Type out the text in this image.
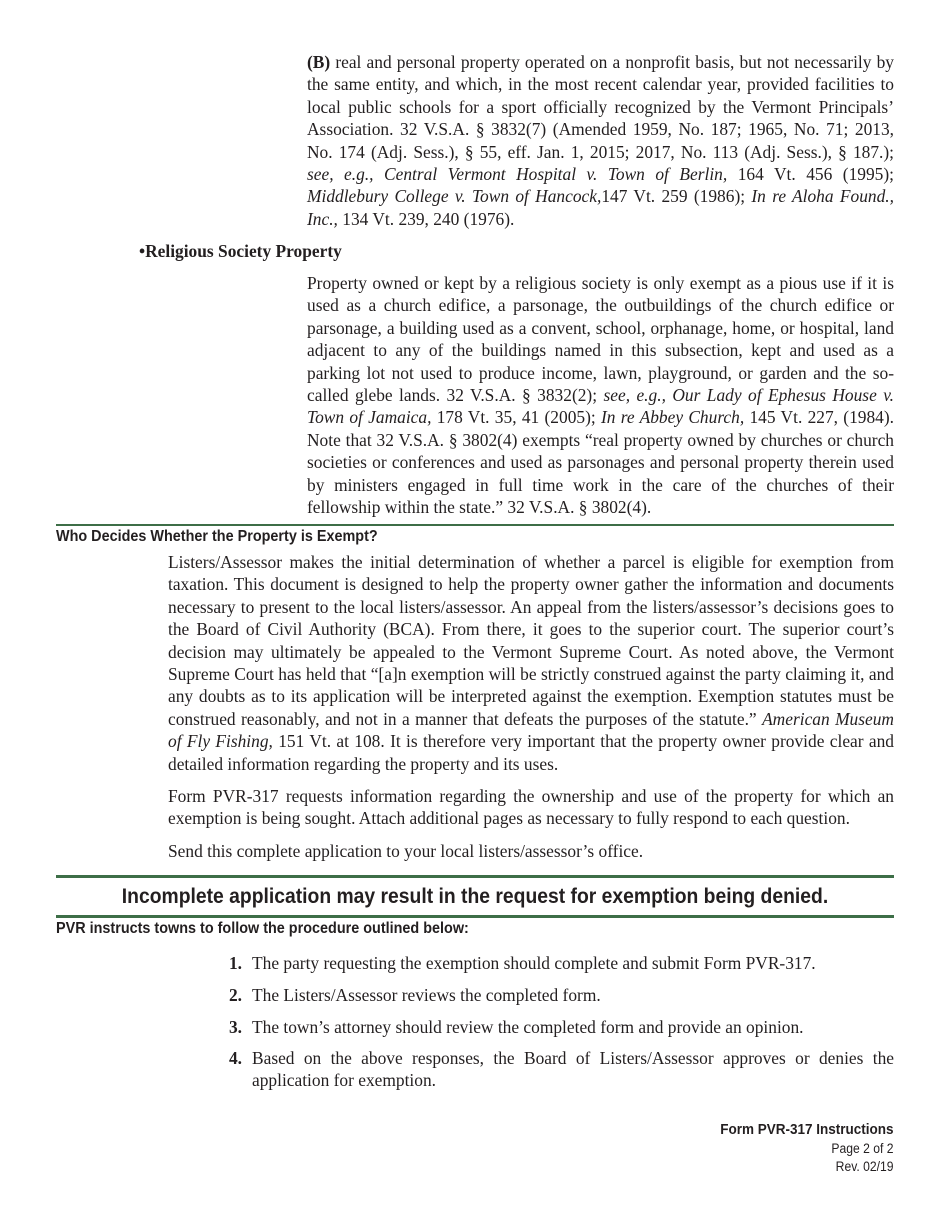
(B) real and personal property operated on a nonprofit basis, but not necessarily by the same entity, and which, in the most recent calendar year, provided facilities to local public schools for a sport officially recognized by the Vermont Principals’ Association. 32 V.S.A. § 3832(7) (Amended 1959, No. 187; 1965, No. 71; 2013, No. 174 (Adj. Sess.), § 55, eff. Jan. 1, 2015; 2017, No. 113 (Adj. Sess.), § 187.); see, e.g., Central Vermont Hospital v. Town of Berlin, 164 Vt. 456 (1995); Middlebury College v. Town of Hancock,147 Vt. 259 (1986); In re Aloha Found., Inc., 134 Vt. 239, 240 (1976).
•Religious Society Property
Property owned or kept by a religious society is only exempt as a pious use if it is used as a church edifice, a parsonage, the outbuildings of the church edifice or parsonage, a building used as a convent, school, orphanage, home, or hospital, land adjacent to any of the buildings named in this subsection, kept and used as a parking lot not used to produce income, lawn, playground, or garden and the so-called glebe lands. 32 V.S.A. § 3832(2); see, e.g., Our Lady of Ephesus House v. Town of Jamaica, 178 Vt. 35, 41 (2005); In re Abbey Church, 145 Vt. 227, (1984). Note that 32 V.S.A. § 3802(4) exempts “real property owned by churches or church societies or conferences and used as parsonages and personal property therein used by ministers engaged in full time work in the care of the churches of their fellowship within the state.” 32 V.S.A. § 3802(4).
Who Decides Whether the Property is Exempt?

Listers/Assessor makes the initial determination of whether a parcel is eligible for exemption from taxation. This document is designed to help the property owner gather the information and documents necessary to present to the local listers/assessor. An appeal from the listers/assessor’s decisions goes to the Board of Civil Authority (BCA). From there, it goes to the superior court. The superior court’s decision may ultimately be appealed to the Vermont Supreme Court. As noted above, the Vermont Supreme Court has held that “[a]n exemption will be strictly construed against the party claiming it, and any doubts as to its application will be interpreted against the exemption. Exemption statutes must be construed reasonably, and not in a manner that defeats the purposes of the statute.” American Museum of Fly Fishing, 151 Vt. at 108. It is therefore very important that the property owner provide clear and detailed information regarding the property and its uses.

Form PVR-317 requests information regarding the ownership and use of the property for which an exemption is being sought. Attach additional pages as necessary to fully respond to each question.

Send this complete application to your local listers/assessor’s office.

Incomplete application may result in the request for exemption being denied.
PVR instructs towns to follow the procedure outlined below:
1. The party requesting the exemption should complete and submit Form PVR-317.
2. The Listers/Assessor reviews the completed form.
3. The town’s attorney should review the completed form and provide an opinion.
4. Based on the above responses, the Board of Listers/Assessor approves or denies the application for exemption.
Form PVR-317 Instructions
Page 2 of 2
Rev. 02/19
